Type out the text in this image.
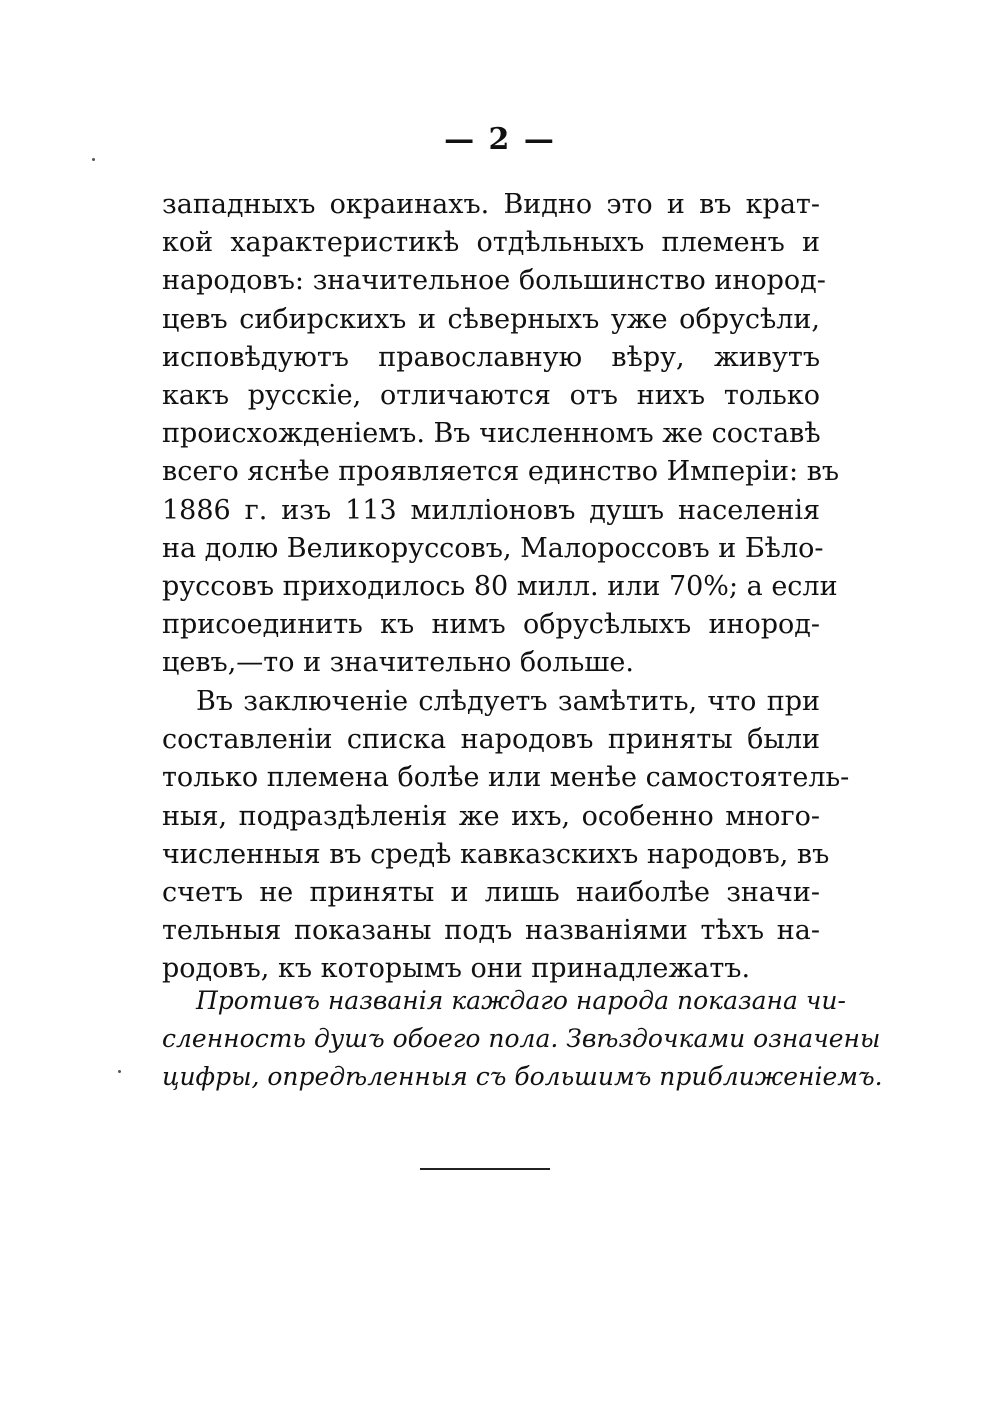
— 2 —
западныхъ окраинахъ. Видно это и въ крат-
кой характеристикѣ отдѣльныхъ племенъ и
народовъ: значительное большинство инород-
цевъ сибирскихъ и сѣверныхъ уже обрусѣли,
исповѣдуютъ православную вѣру, живутъ
какъ русскіе, отличаются отъ нихъ только
происхожденіемъ. Въ численномъ же составѣ
всего яснѣе проявляется единство Имперіи: въ
1886 г. изъ 113 милліоновъ душъ населенія
на долю Великоруссовъ, Малороссовъ и Бѣло-
руссовъ приходилось 80 милл. или 70%; а если
присоединить къ нимъ обрусѣлыхъ инород-
цевъ,—то и значительно больше.
Въ заключеніе слѣдуетъ замѣтить, что при
составленіи списка народовъ приняты были
только племена болѣе или менѣе самостоятель-
ныя, подраздѣленія же ихъ, особенно много-
численныя въ средѣ кавказскихъ народовъ, въ
счетъ не приняты и лишь наиболѣе значи-
тельныя показаны подъ названіями тѣхъ на-
родовъ, къ которымъ они принадлежатъ.
Противъ названія каждаго народа показана чи-
сленность душъ обоего пола. Звѣздочками означены
цифры, опредѣленныя съ большимъ приближеніемъ.
